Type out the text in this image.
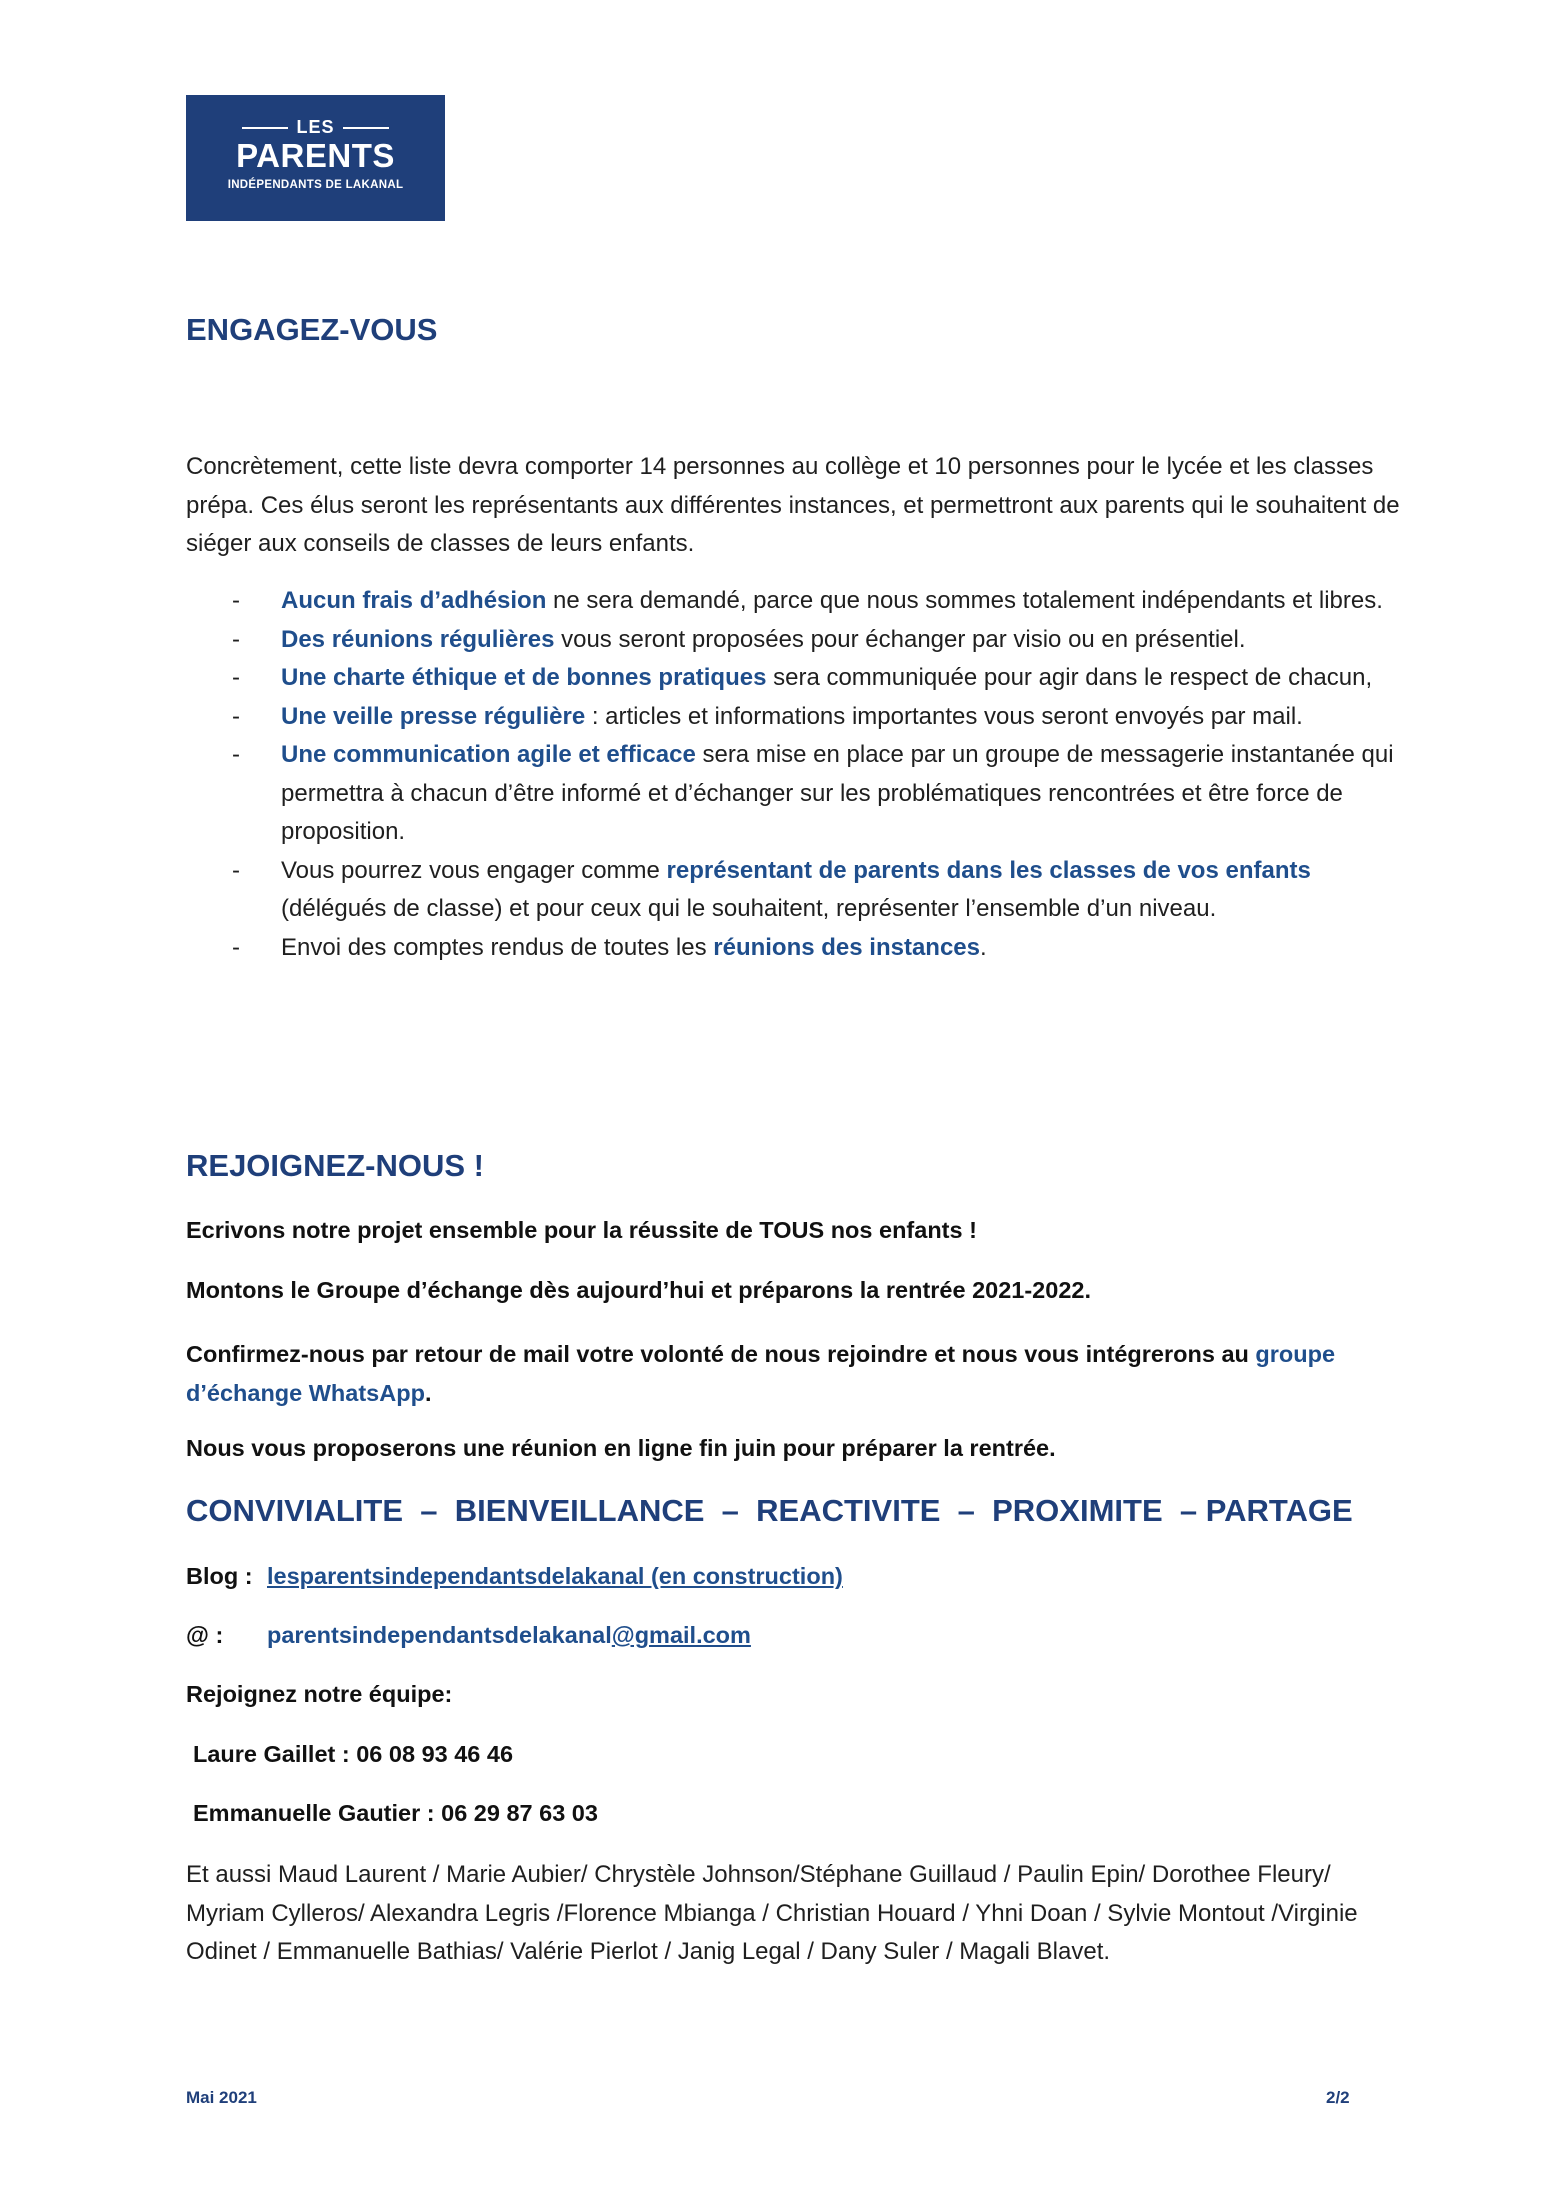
LES
PARENTS
INDÉPENDANTS DE LAKANAL
ENGAGEZ-VOUS

Concrètement, cette liste devra comporter 14 personnes au collège et 10 personnes pour le lycée et les classes prépa. Ces élus seront les représentants aux différentes instances, et permettront aux parents qui le souhaitent de siéger aux conseils de classes de leurs enfants.

- Aucun frais d’adhésion ne sera demandé, parce que nous sommes totalement indépendants et libres.
- Des réunions régulières vous seront proposées pour échanger par visio ou en présentiel.
- Une charte éthique et de bonnes pratiques sera communiquée pour agir dans le respect de chacun,
- Une veille presse régulière : articles et informations importantes vous seront envoyés par mail.
- Une communication agile et efficace sera mise en place par un groupe de messagerie instantanée qui permettra à chacun d’être informé et d’échanger sur les problématiques rencontrées et être force de proposition.
- Vous pourrez vous engager comme représentant de parents dans les classes de vos enfants (délégués de classe) et pour ceux qui le souhaitent, représenter l’ensemble d’un niveau.
- Envoi des comptes rendus de toutes les réunions des instances.
REJOIGNEZ-NOUS !
Ecrivons notre projet ensemble pour la réussite de TOUS nos enfants !
Montons le Groupe d’échange dès aujourd’hui et préparons la rentrée 2021-2022.
Confirmez-nous par retour de mail votre volonté de nous rejoindre et nous vous intégrerons au groupe d’échange WhatsApp.
Nous vous proposerons une réunion en ligne fin juin pour préparer la rentrée.
CONVIVIALITE  –  BIENVEILLANCE  –  REACTIVITE  –  PROXIMITE  – PARTAGE
Blog : lesparentsindependantsdelakanal (en construction)
@ : parentsindependantsdelakanal@gmail.com
Rejoignez notre équipe:
Laure Gaillet : 06 08 93 46 46
Emmanuelle Gautier : 06 29 87 63 03

Et aussi Maud Laurent / Marie Aubier/ Chrystèle Johnson/Stéphane Guillaud / Paulin Epin/ Dorothee Fleury/ Myriam Cylleros/ Alexandra Legris /Florence Mbianga / Christian Houard / Yhni Doan / Sylvie Montout /Virginie Odinet / Emmanuelle Bathias/ Valérie Pierlot / Janig Legal / Dany Suler / Magali Blavet.

Mai 2021	2/2
